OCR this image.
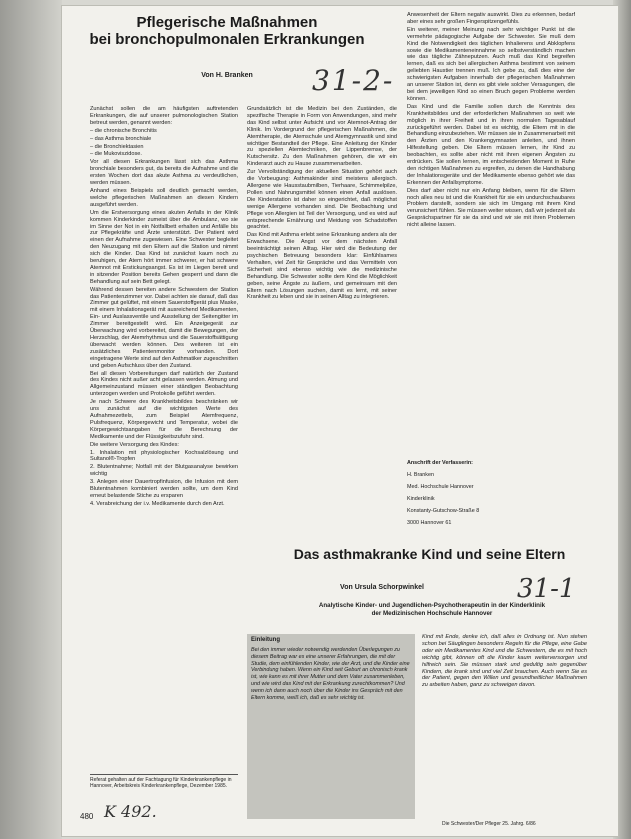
Pflegerische Maßnahmen
bei bronchopulmonalen Erkrankungen
Von H. Branken	31-2-

Zunächst sollen die am häufigsten auftretenden Erkrankungen, die auf unserer pulmonologischen Station betreut werden, genannt werden:

– die chronische Bronchitis

– das Asthma bronchiale

– die Bronchiektasien

– die Mukoviszidose.

Vor all diesen Erkrankungen lässt sich das Asthma bronchiale besonders gut, da bereits die Aufnahme und die ersten Wochen dort das akute Asthma zu verdeutlichen, werden müssen.

Anhand eines Beispiels soll deutlich gemacht werden, welche pflegerischen Maßnahmen an diesen Kindern ausgeführt werden.

Um die Erstversorgung eines akuten Anfalls in der Klinik kommen Kinderkinder zumeist über die Ambulanz, wo sie im Sinne der Not in ein Notfallbett erhalten und Anfälle bis zur Pflegekräfte und Ärzte unterstützt. Der Patient wird einen der Aufnahme zugewiesen. Eine Schwester begleitet den Neuzugang mit den Eltern auf die Station und nimmt sich die Kinder. Das Kind ist zunächst kaum noch zu beruhigen, der Atem hört immer schwerer, er hat schwere Atemnot mit Erstickungsangst. Es ist im Liegen bereit und in sitzender Position bereits Gehen gesperrt und dann die Behandlung auf sein Bett gelegt.

Während dessen bereiten andere Schwestern der Station das Patientenzimmer vor. Dabei achten sie darauf, daß das Zimmer gut gelüftet, mit einem Sauerstoffgerät plus Maske, mit einem Inhalationsgerät mit ausreichend Medikamenten, Ein- und Auslassventile und Ausstellung der Seitengitter im Zimmer bereitgestellt wird. Ein Anzeigegerät zur Überwachung wird vorbereitet, damit die Bewegungen, der Herzschlag, der Atemrhythmus und die Sauerstoffsättigung überwacht werden können. Des weiteren ist ein zusätzliches Patientenmonitor vorhanden. Dort eingetragene Werte sind auf den Asthmatiker zugeschnitten und geben Aufschluss über den Zustand.

Bei all diesen Vorbereitungen darf natürlich der Zustand des Kindes nicht außer acht gelassen werden. Atmung und Allgemeinzustand müssen einer ständigen Beobachtung unterzogen werden und Protokolle geführt werden.

Je nach Schwere des Krankheitsbildes beschränken wir uns zunächst auf die wichtigsten Werte des Aufnahmezettels, zum Beispiel Atemfrequenz, Pulsfrequenz, Körpergewicht und Temperatur, wobei die Körpergewichtsangaben für die Berechnung der Medikamente und der Flüssigkeitszufuhr sind.

Die weitere Versorgung des Kindes:

1. Inhalation mit physiologischer Kochsalzlösung und Sultanol®-Tropfen

2. Blutentnahme; Notfall mit der Blutgasanalyse bewirken wichtig

3. Anlegen einer Dauertropfinfusion, die Infusion mit dem Blutentnahmen kombiniert werden sollte, um dem Kind erneut belastende Stiche zu ersparen

4. Verabreichung der i.v. Medikamente durch den Arzt.

Grundsätzlich ist die Medizin bei den Zuständen, die spezifische Therapie in Form von Anwendungen, sind mehr das Kind selbst unter Aufsicht und vor Atemnot-Antrag der Klinik. Im Vordergrund der pflegerischen Maßnahmen, die Atemtherapie, die Atemschule und Atemgymnastik und sind wichtiger Bestandteil der Pflege. Eine Anleitung der Kinder zu speziellen Atemtechniken, der Lippenbremse, der Kutschersitz. Zu den Maßnahmen gehören, die wir ein Kinderarzt auch zu Hause zusammenarbeiten.

Zur Vervollständigung der aktuellen Situation gehört auch die Vorbeugung: Asthmakinder sind meistens allergisch. Allergene wie Hausstaubmilben, Tierhaare, Schimmelpilze, Pollen und Nahrungsmittel können einen Anfall auslösen. Die Kinderstation ist daher so eingerichtet, daß möglichst wenige Allergene vorhanden sind. Die Beobachtung und Pflege von Allergien ist Teil der Versorgung, und es wird auf entsprechende Ernährung und Meidung von Schadstoffen geachtet.

Das Kind mit Asthma erlebt seine Erkrankung anders als der Erwachsene. Die Angst vor dem nächsten Anfall beeinträchtigt seinen Alltag. Hier wird die Bedeutung der psychischen Betreuung besonders klar: Einfühlsames Verhalten, viel Zeit für Gespräche und das Vermitteln von Sicherheit sind ebenso wichtig wie die medizinische Behandlung. Die Schwester sollte dem Kind die Möglichkeit geben, seine Ängste zu äußern, und gemeinsam mit den Eltern nach Lösungen suchen, damit es lernt, mit seiner Krankheit zu leben und sie in seinen Alltag zu integrieren.

Anwesenheit der Eltern negativ auswirkt. Dies zu erkennen, bedarf aber eines sehr großen Fingerspitzengefühls.

Ein weiterer, meiner Meinung nach sehr wichtiger Punkt ist die vermehrte pädagogische Aufgabe der Schwester. Sie muß dem Kind die Notwendigkeit des täglichen Inhalierens und Abklopfens sowie die Medikamenteneinnahme so selbstverständlich machen wie das tägliche Zähneputzen. Auch muß das Kind begreifen lernen, daß es sich bei allergischen Asthma bestimmt von seinem geliebten Haustier trennen muß. Ich gebe zu, daß dies eine der schwierigsten Aufgaben innerhalb der pflegerischen Maßnahmen an unserer Station ist, denn es gibt viele solcher Versagungen, die bei dem jeweiligen Kind so einen Bruch gegen Probleme werden können.

Das Kind und die Familie sollen durch die Kenntnis des Krankheitsbildes und der erforderlichen Maßnahmen so weit wie möglich in ihrer Freiheit und in ihren normalen Tagesablauf zurückgeführt werden. Dabei ist es wichtig, die Eltern mit in die Behandlung einzubeziehen. Wir müssen sie in Zusammenarbeit mit den Ärzten und den Krankengymnasten anleiten, und ihnen Hilfestellung geben. Die Eltern müssen lernen, ihr Kind zu beobachten, es sollte aber nicht mit ihren eigenen Ängsten zu erdrücken. Sie sollen lernen, im entscheidenden Moment in Ruhe den richtigen Maßnahmen zu ergreifen, zu denen die Handhabung der Inhalationsgeräte und der Medikamente ebenso gehört wie das Erkennen der Anfallsymptome.

Dies darf aber nicht nur ein Anfang bleiben, wenn für die Eltern noch alles neu ist und die Krankheit für sie ein undurchschaubares Problem darstellt, sondern sie sich im Umgang mit ihrem Kind verunsichert fühlen. Sie müssen weiter wissen, daß wir jederzeit als Gesprächspartner für sie da sind und wir sie mit ihren Problemen nicht alleine lassen.

Anschrift der Verfasserin:

H. Branken

Med. Hochschule Hannover

Kinderklinik

Konstanty-Gutschow-Straße 8

3000 Hannover 61

Referat gehalten auf der Fachtagung für Kinderkrankenpflege in Hannover, Arbeitskreis Kinderkrankenpflege, Dezember 1985.
480 K 492.
Die Schwester/Der Pfleger 25. Jahrg. 6/86
Das asthmakranke Kind und seine Eltern
Von Ursula Schorpwinkel	31-1
Analytische Kinder- und Jugendlichen-Psychotherapeutin in der Kinderklinik
der Medizinischen Hochschule Hannover
Einleitung
Bei den immer wieder notwendig werdenden Überlegungen zu diesem Beitrag war es eine unserer Erfahrungen, die mit der Studie, dem einfühlenden Kinder, wie der Arzt, und die Kinder eine Verbindung haben. Wenn ein Kind seit Geburt an chronisch krank ist, wie kann es mit ihrer Mutter und dem Vater zusammenleben, und wie wird das Kind mit der Erkrankung zurechtkommen? Und wenn ich dann auch noch über die Kinder ins Gespräch mit den Eltern komme, weiß ich, daß es sehr wichtig ist.
Kind mit Ende, denke ich, daß alles in Ordnung ist. Nun stehen schon bei Säuglingen besonders Regeln für die Pflege, eine Gabe oder ein Medikamentes Kind und die Schwestern, die es mit hoch wichtig gibt, können oft die Kinder kaum weiterversorgen und hilfreich sein. Sie müssen stark und gedultig sein gegenüber Kindern, die krank sind und viel Zeit brauchen. Auch wenn Sie es der Patient, gegen den Willen und gesundheitlicher Maßnahmen zu arbeiten haben, ganz zu schweigen davon.
